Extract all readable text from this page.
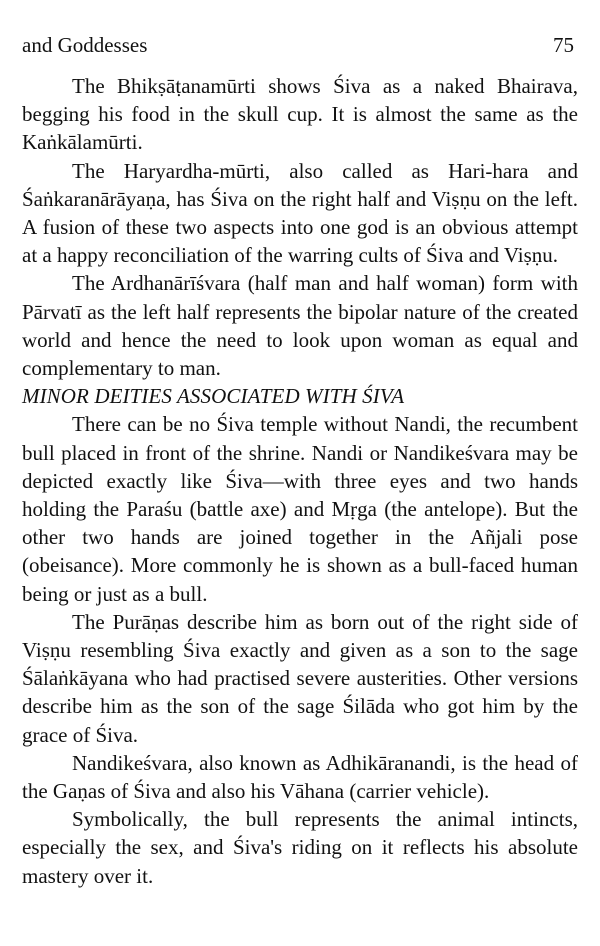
and Goddesses	75

The Bhikṣāṭanamūrti shows Śiva as a naked Bhairava, begging his food in the skull cup. It is almost the same as the Kaṅkālamūrti.

The Haryardha-mūrti, also called as Hari-hara and Śaṅkaranārāyaṇa, has Śiva on the right half and Viṣṇu on the left. A fusion of these two aspects into one god is an obvious attempt at a happy reconciliation of the warring cults of Śiva and Viṣṇu.

The Ardhanārīśvara (half man and half woman) form with Pārvatī as the left half represents the bipolar nature of the created world and hence the need to look upon woman as equal and complementary to man.

MINOR DEITIES ASSOCIATED WITH ŚIVA

There can be no Śiva temple without Nandi, the recumbent bull placed in front of the shrine. Nandi or Nandikeśvara may be depicted exactly like Śiva—with three eyes and two hands holding the Paraśu (battle axe) and Mṛga (the antelope). But the other two hands are joined together in the Añjali pose (obeisance). More commonly he is shown as a bull-faced human being or just as a bull.

The Purāṇas describe him as born out of the right side of Viṣṇu resembling Śiva exactly and given as a son to the sage Śālaṅkāyana who had practised severe austerities. Other versions describe him as the son of the sage Śilāda who got him by the grace of Śiva.

Nandikeśvara, also known as Adhikāranandi, is the head of the Gaṇas of Śiva and also his Vāhana (carrier vehicle).

Symbolically, the bull represents the animal intincts, especially the sex, and Śiva's riding on it reflects his absolute mastery over it.
